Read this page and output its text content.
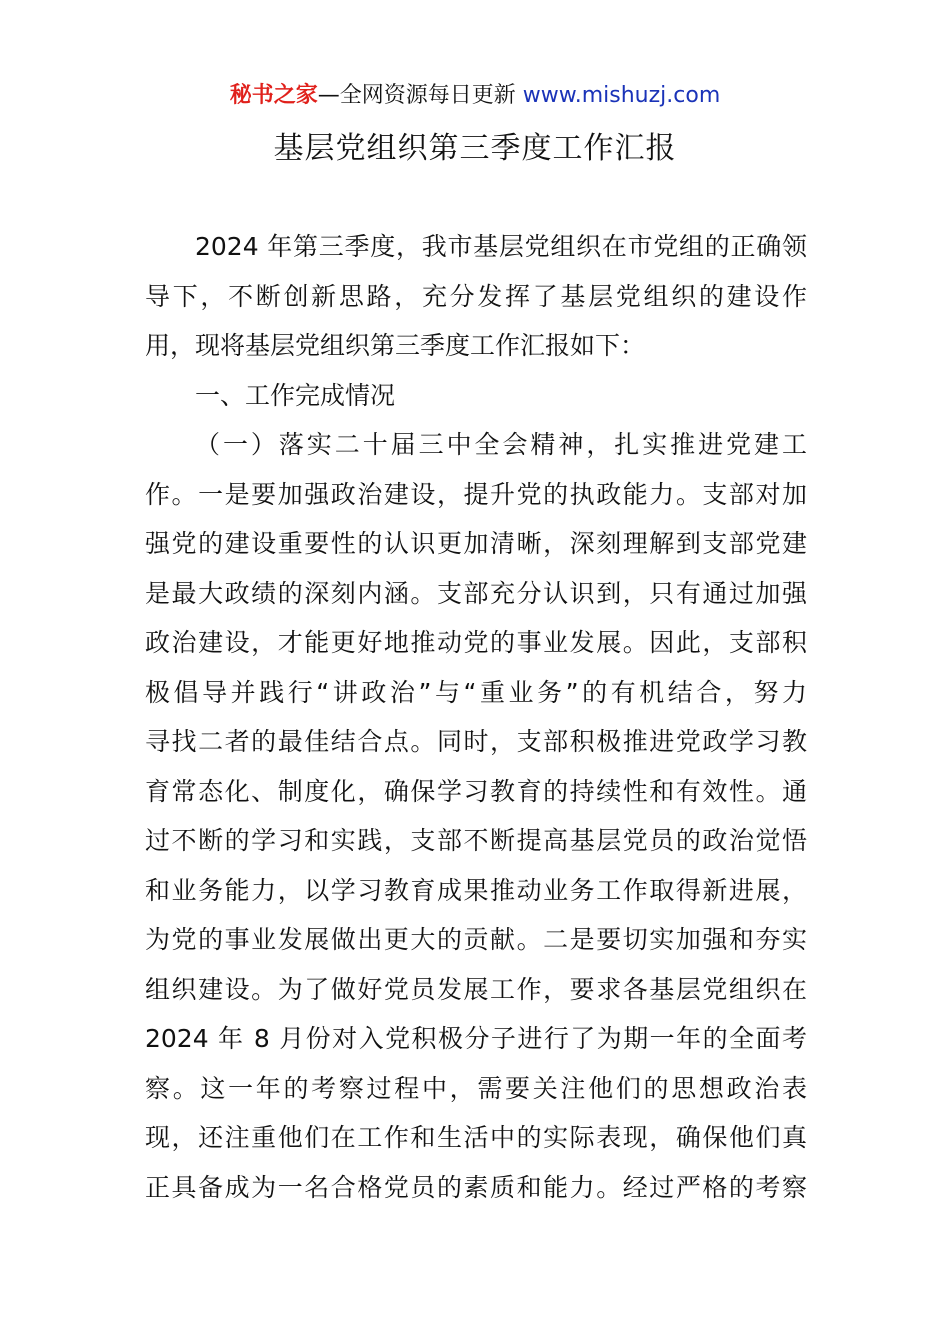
秘书之家—全网资源每日更新 www.mishuzj.com
基层党组织第三季度工作汇报
2024 年第三季度，我市基层党组织在市党组的正确领
导下，不断创新思路，充分发挥了基层党组织的建设作
用，现将基层党组织第三季度工作汇报如下：
一、工作完成情况
（一）落实二十届三中全会精神，扎实推进党建工
作。一是要加强政治建设，提升党的执政能力。支部对加
强党的建设重要性的认识更加清晰，深刻理解到支部党建
是最大政绩的深刻内涵。支部充分认识到，只有通过加强
政治建设，才能更好地推动党的事业发展。因此，支部积
极倡导并践行“讲政治”与“重业务”的有机结合，努力
寻找二者的最佳结合点。同时，支部积极推进党政学习教
育常态化、制度化，确保学习教育的持续性和有效性。通
过不断的学习和实践，支部不断提高基层党员的政治觉悟
和业务能力，以学习教育成果推动业务工作取得新进展，
为党的事业发展做出更大的贡献。二是要切实加强和夯实
组织建设。为了做好党员发展工作，要求各基层党组织在
2024 年 8 月份对入党积极分子进行了为期一年的全面考
察。这一年的考察过程中，需要关注他们的思想政治表
现，还注重他们在工作和生活中的实际表现，确保他们真
正具备成为一名合格党员的素质和能力。经过严格的考察
